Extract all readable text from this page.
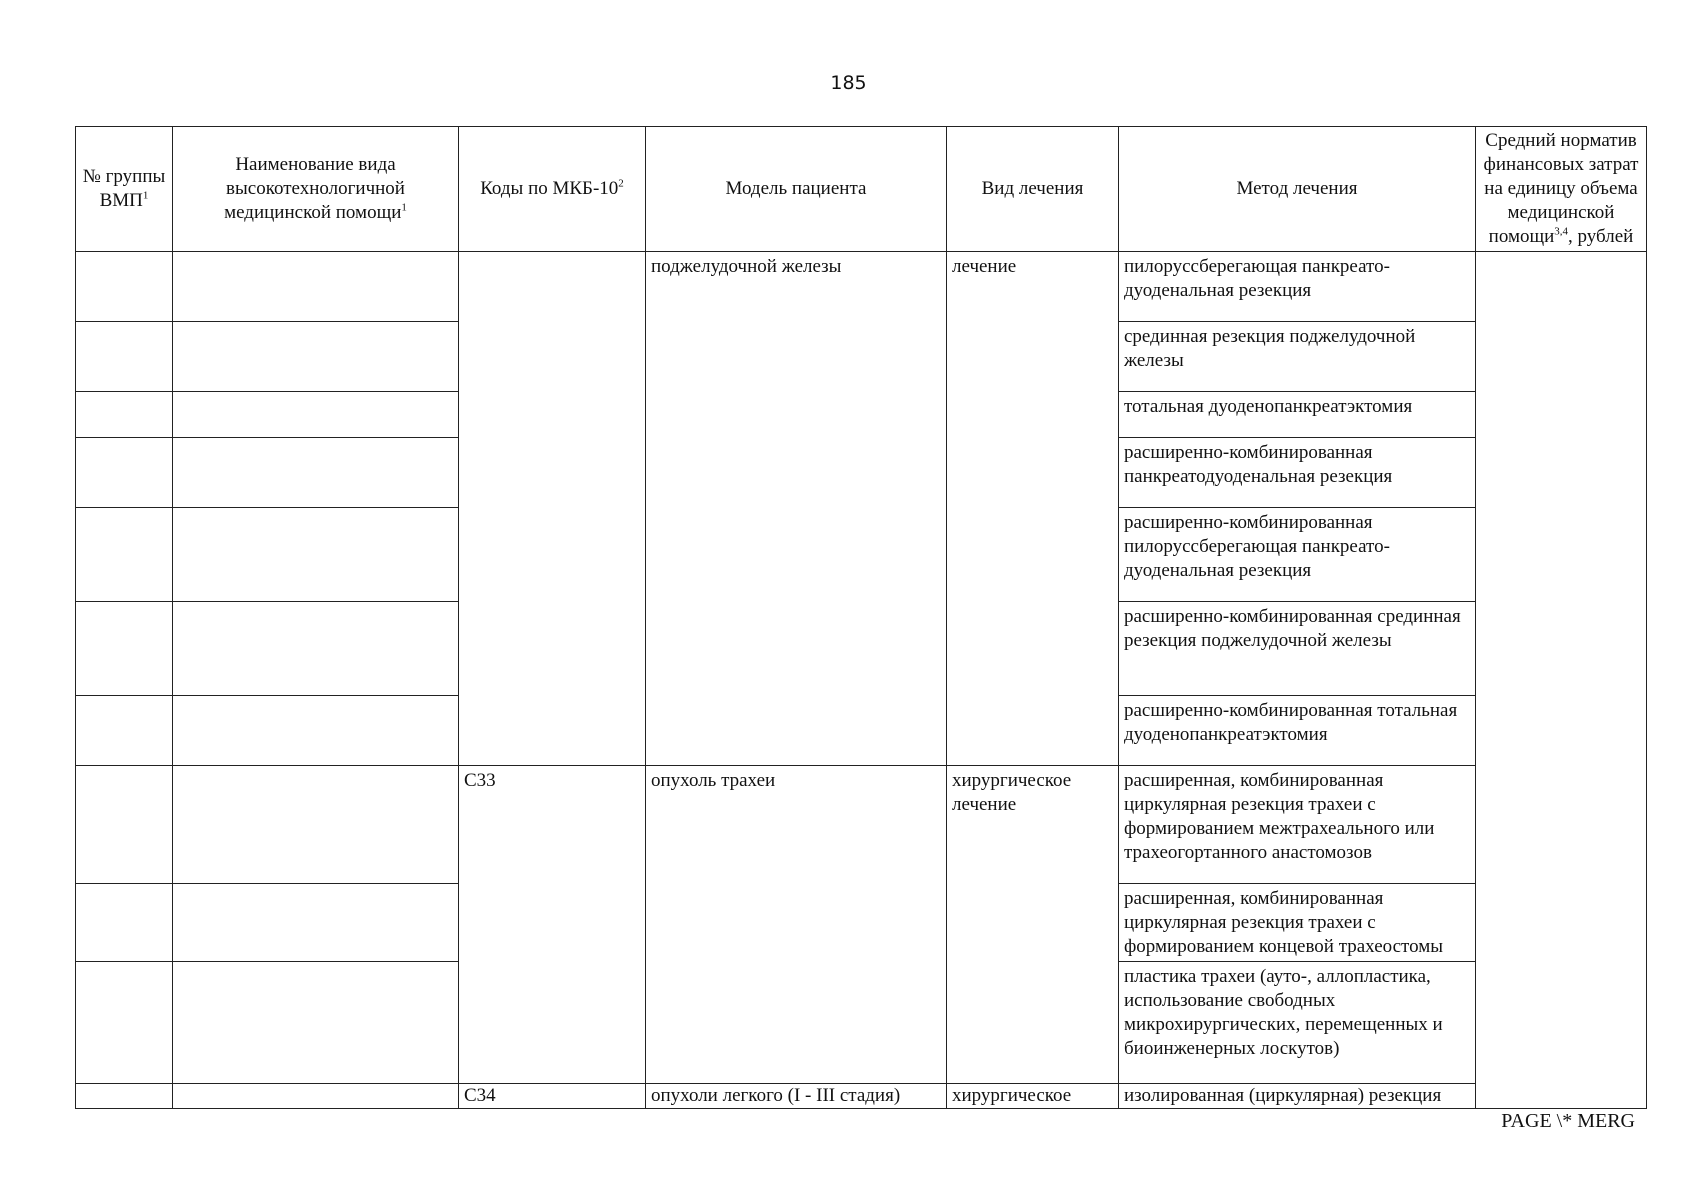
185
№ группы ВМП$^1$	Наименование вида высокотехнологичной медицинской помощи$^1$	Коды по МКБ-$10^2$	Модель пациента	Вид лечения	Метод лечения	Средний норматив финансовых затрат на единицу объема медицинской помощи$^{3,4}$, рублей
			поджелудочной железы	лечение	пилоруссберегающая панкреато-дуоденальная резекция	
					срединная резекция поджелудочной железы	
					тотальная дуоденопанкреатэктомия	
					расширенно-комбинированная панкреатодуоденальная резекция	
					расширенно-комбинированная пилоруссберегающая панкреато-дуоденальная резекция	
					расширенно-комбинированная срединная резекция поджелудочной железы	
					расширенно-комбинированная тотальная дуоденопанкреатэктомия	
		C33	опухоль трахеи	хирургическое лечение	расширенная, комбинированная циркулярная резекция трахеи с формированием межтрахеального или трахеогортанного анастомозов	
					расширенная, комбинированная циркулярная резекция трахеи с формированием концевой трахеостомы	
					пластика трахеи (ауто-, аллопластика, использование свободных микрохирургических, перемещенных и биоинженерных лоскутов)	
		C34	опухоли легкого (I - III стадия)	хирургическое	изолированная (циркулярная) резекция	
PAGE \* MERG
